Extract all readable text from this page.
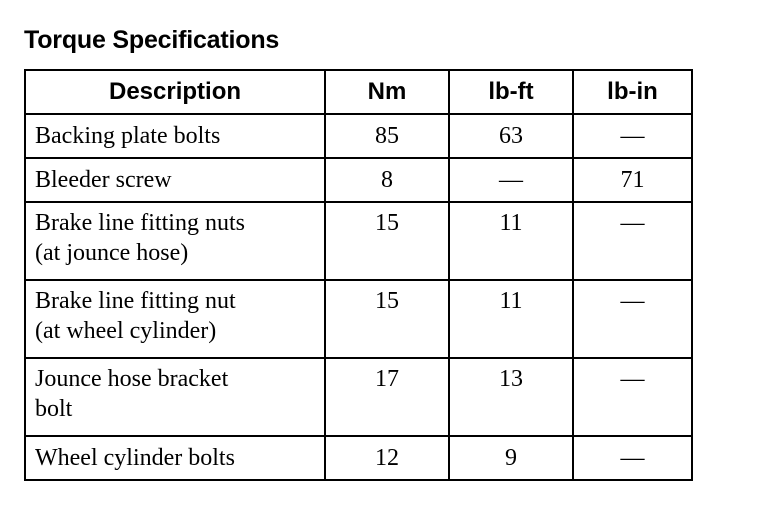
Torque Specifications
Description	Nm	lb-ft	lb-in

Backing plate bolts	85	63	—

Bleeder screw	8	—	71

Brake line fitting nuts
(at jounce hose)	15	11	—

Brake line fitting nut
(at wheel cylinder)	15	11	—

Jounce hose bracket
bolt	17	13	—

Wheel cylinder bolts	12	9	—
